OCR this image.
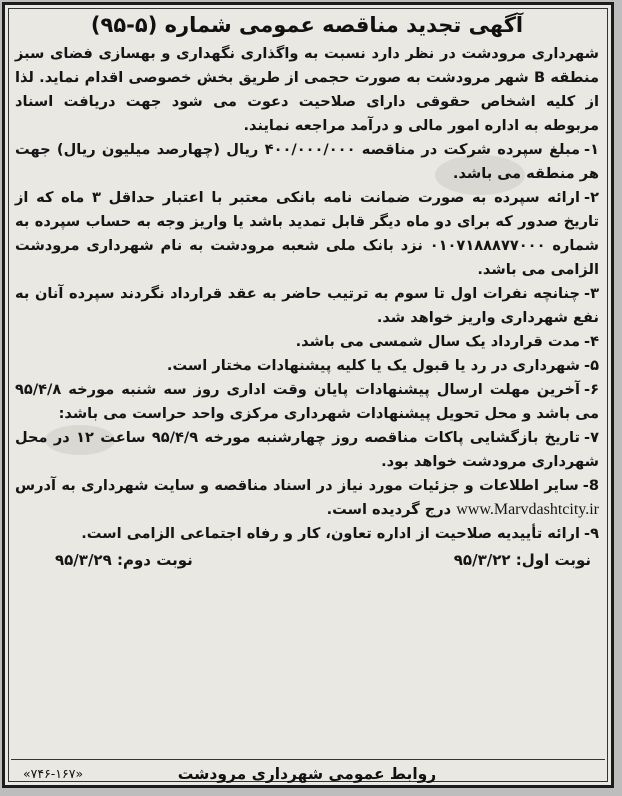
آگهی تجدید مناقصه عمومی شماره (۵-۹۵)

شهرداری مرودشت در نظر دارد نسبت به واگذاری نگهداری و بهسازی فضای سبز منطقه B شهر مرودشت به صورت حجمی از طریق بخش خصوصی اقدام نماید. لذا از کلیه اشخاص حقوقی دارای صلاحیت دعوت می شود جهت دریافت اسناد مربوطه به اداره امور مالی و درآمد مراجعه نمایند.

۱-مبلغ سپرده شرکت در مناقصه ۴۰۰/۰۰۰/۰۰۰ ریال (چهارصد میلیون ریال) جهت هر منطقه می باشد.
۲-ارائه سپرده به صورت ضمانت نامه بانکی معتبر با اعتبار حداقل ۳ ماه که از تاریخ صدور که برای دو ماه دیگر قابل تمدید باشد یا واریز وجه به حساب سپرده به شماره ۰۱۰۷۱۸۸۸۷۷۰۰۰ نزد بانک ملی شعبه مرودشت به نام شهرداری مرودشت الزامی می باشد.
۳-چنانچه نفرات اول تا سوم به ترتیب حاضر به عقد قرارداد نگردند سپرده آنان به نفع شهرداری واریز خواهد شد.
۴-مدت قرارداد یک سال شمسی می باشد.
۵-شهرداری در رد یا قبول یک یا کلیه پیشنهادات مختار است.
۶-آخرین مهلت ارسال پیشنهادات پایان وقت اداری روز سه شنبه مورخه ۹۵/۴/۸ می باشد و محل تحویل پیشنهادات شهرداری مرکزی واحد حراست می باشد:
۷-تاریخ بازگشایی پاکات مناقصه روز چهارشنبه مورخه ۹۵/۴/۹ ساعت ۱۲ در محل شهرداری مرودشت خواهد بود.
8-سایر اطلاعات و جزئیات مورد نیاز در اسناد مناقصه و سایت شهرداری به آدرس www.Marvdashtcity.ir درج گردیده است.
۹-ارائه تأییدیه صلاحیت از اداره تعاون، کار و رفاه اجتماعی الزامی است.
نوبت اول: ۹۵/۳/۲۲
نوبت دوم: ۹۵/۳/۲۹
روابط عمومی شهرداری مرودشت
«۷۴۶-۱۶۷»
